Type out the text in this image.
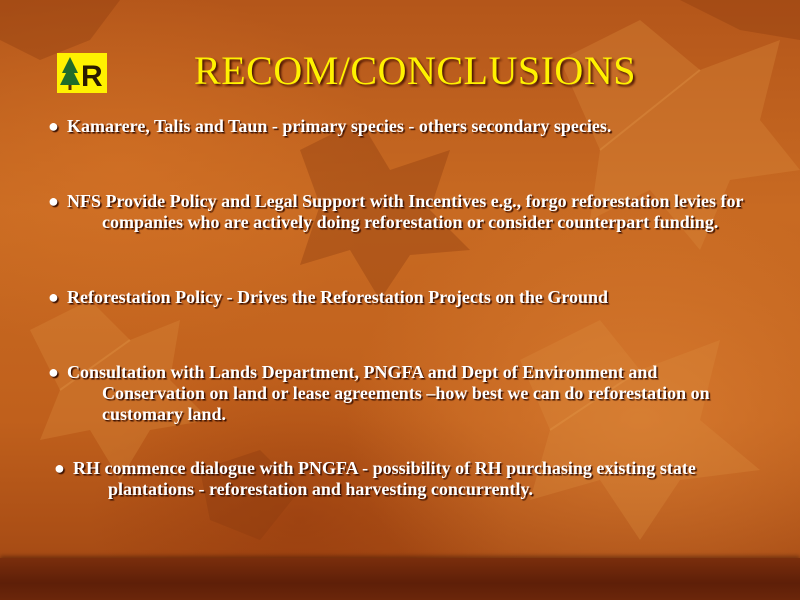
R	RECOM/CONCLUSIONS
● Kamarere, Talis and Taun - primary species - others secondary species.
● NFS Provide Policy and Legal Support with Incentives e.g., forgo reforestation levies for companies who are actively doing reforestation or consider counterpart funding.
● Reforestation Policy - Drives the Reforestation Projects on the Ground
● Consultation with Lands Department, PNGFA and Dept of Environment and Conservation on land or lease agreements –how best we can do reforestation on customary land.
● RH commence dialogue with PNGFA - possibility of RH purchasing existing state plantations - reforestation and harvesting concurrently.
